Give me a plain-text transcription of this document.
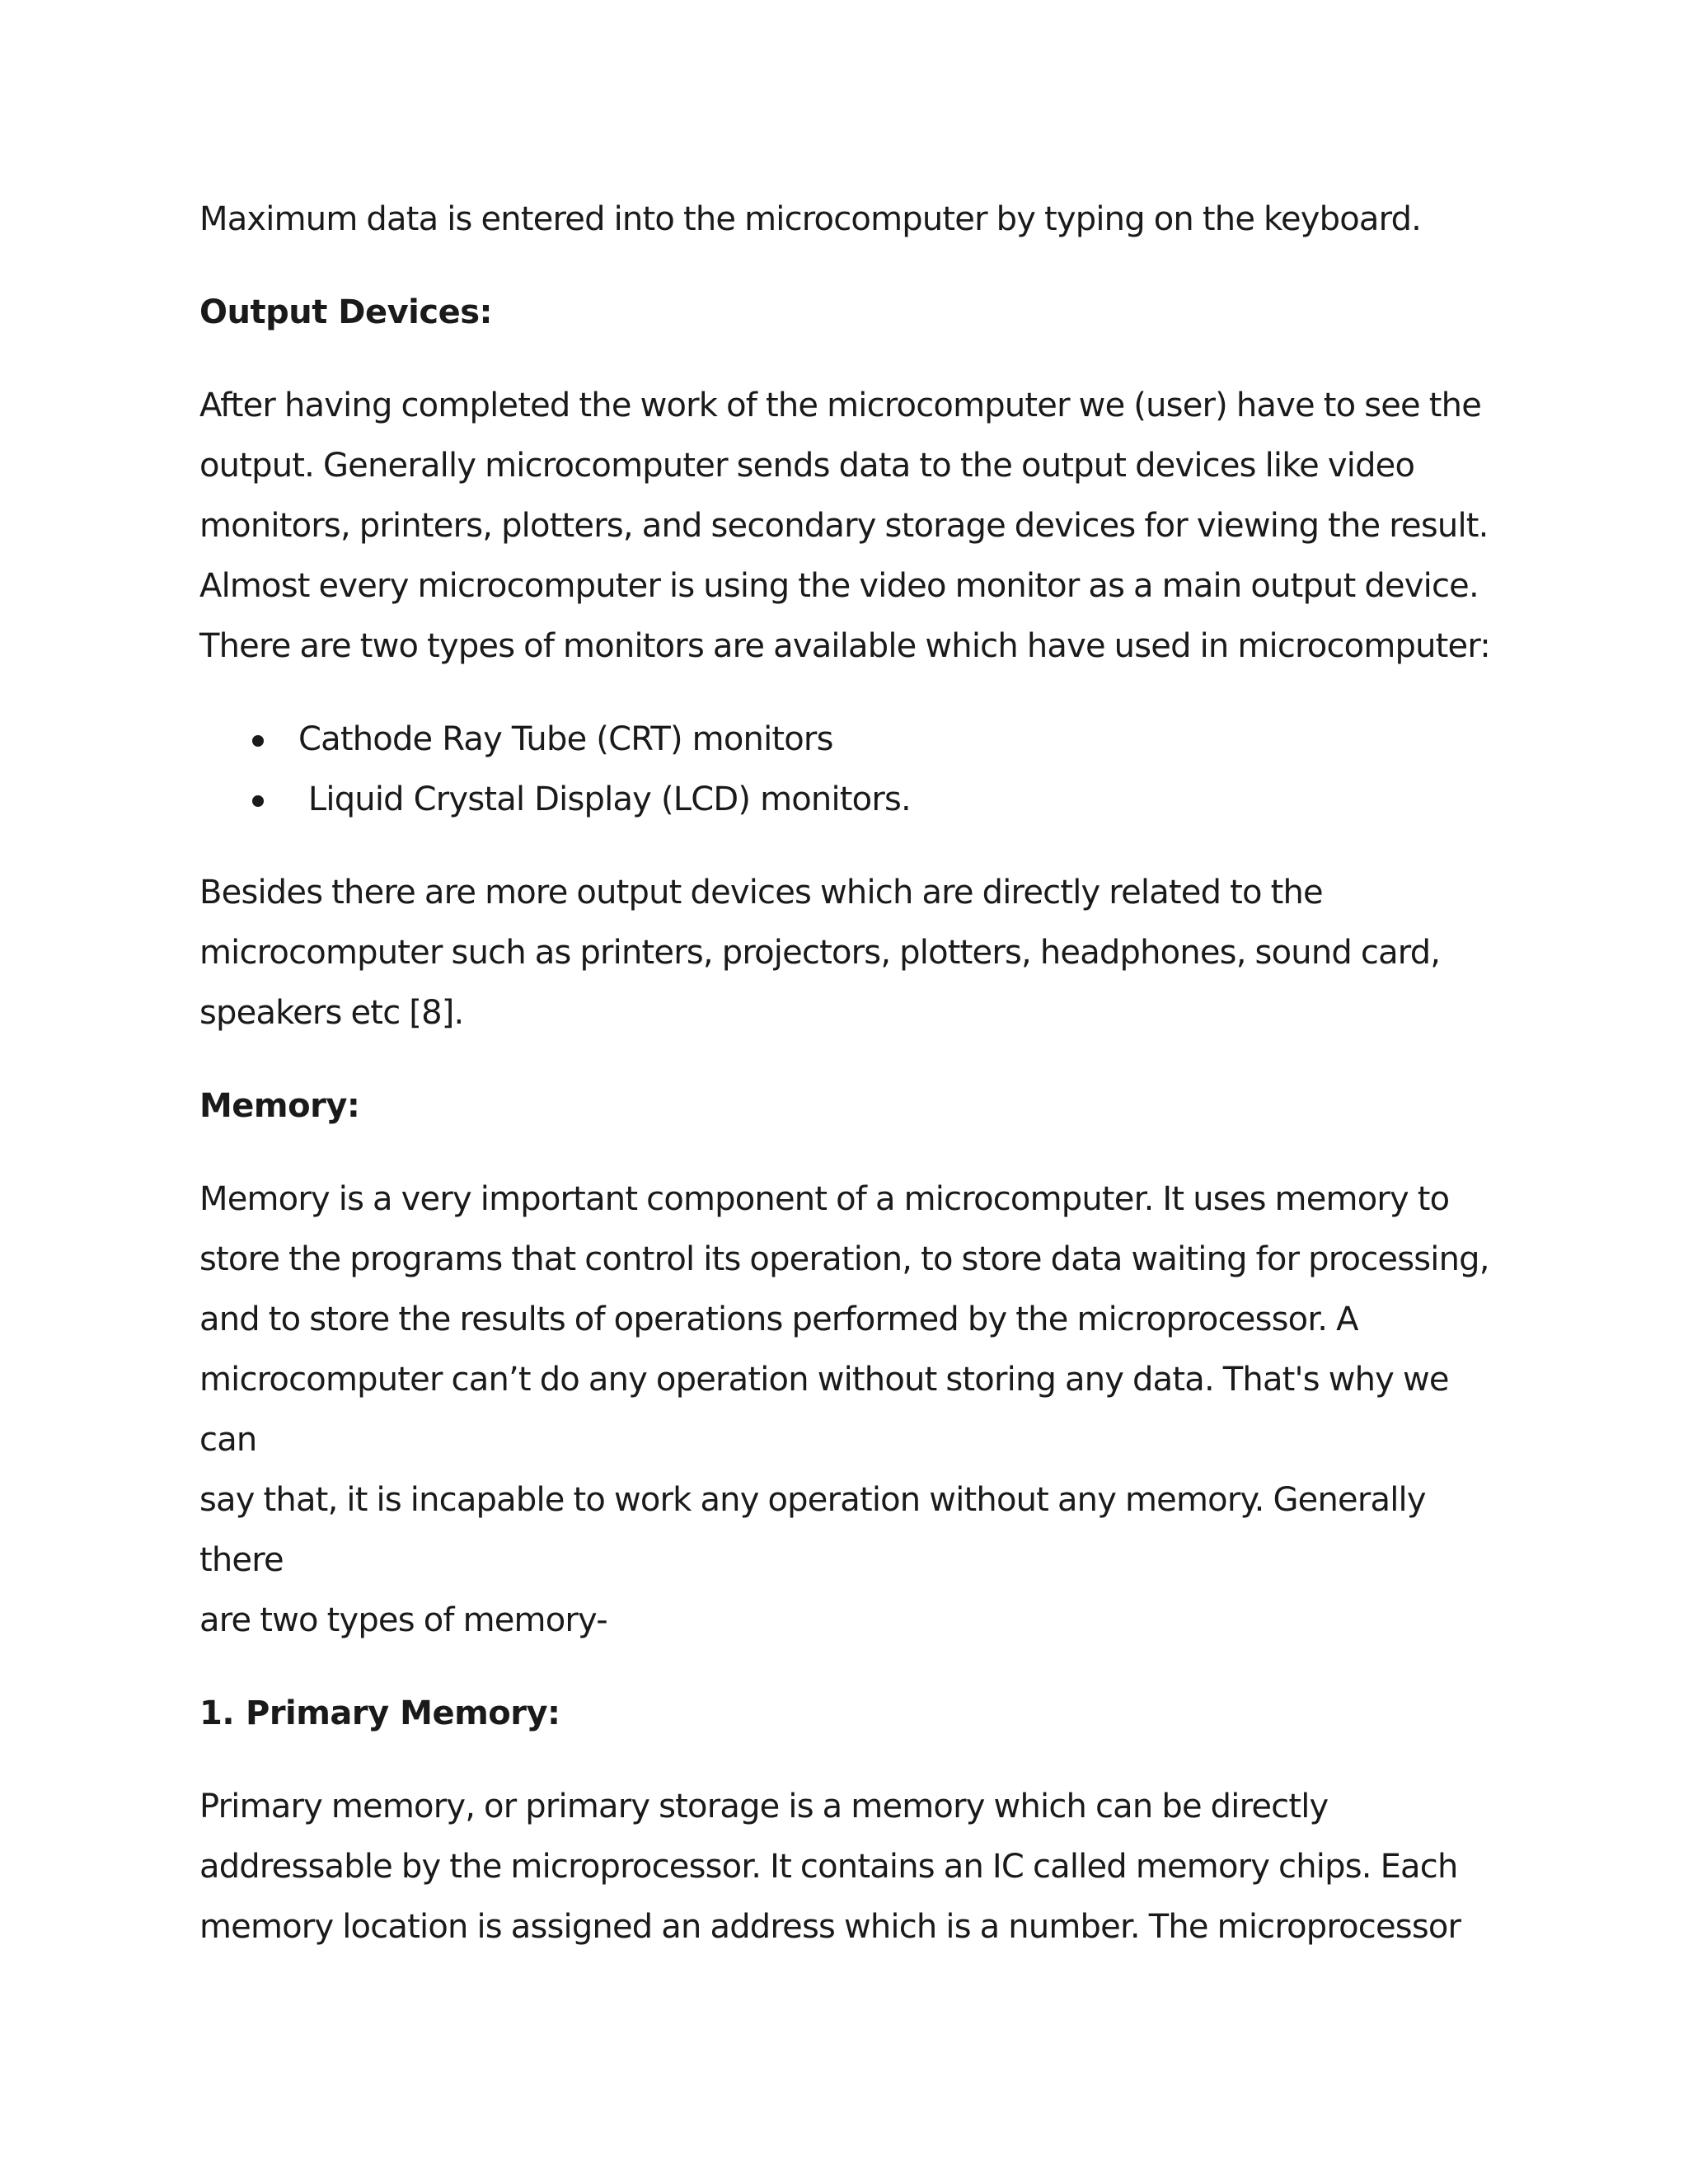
Maximum data is entered into the microcomputer by typing on the keyboard.

Output Devices:
After having completed the work of the microcomputer we (user) have to see the
output. Generally microcomputer sends data to the output devices like video
monitors, printers, plotters, and secondary storage devices for viewing the result.
Almost every microcomputer is using the video monitor as a main output device.
There are two types of monitors are available which have used in microcomputer:
Cathode Ray Tube (CRT) monitors
Liquid Crystal Display (LCD) monitors.
Besides there are more output devices which are directly related to the
microcomputer such as printers, projectors, plotters, headphones, sound card,
speakers etc [8].
Memory:
Memory is a very important component of a microcomputer. It uses memory to
store the programs that control its operation, to store data waiting for processing,
and to store the results of operations performed by the microprocessor. A
microcomputer can’t do any operation without storing any data. That's why we can
say that, it is incapable to work any operation without any memory. Generally there
are two types of memory-
1. Primary Memory:
Primary memory, or primary storage is a memory which can be directly
addressable by the microprocessor. It contains an IC called memory chips. Each
memory location is assigned an address which is a number. The microprocessor
